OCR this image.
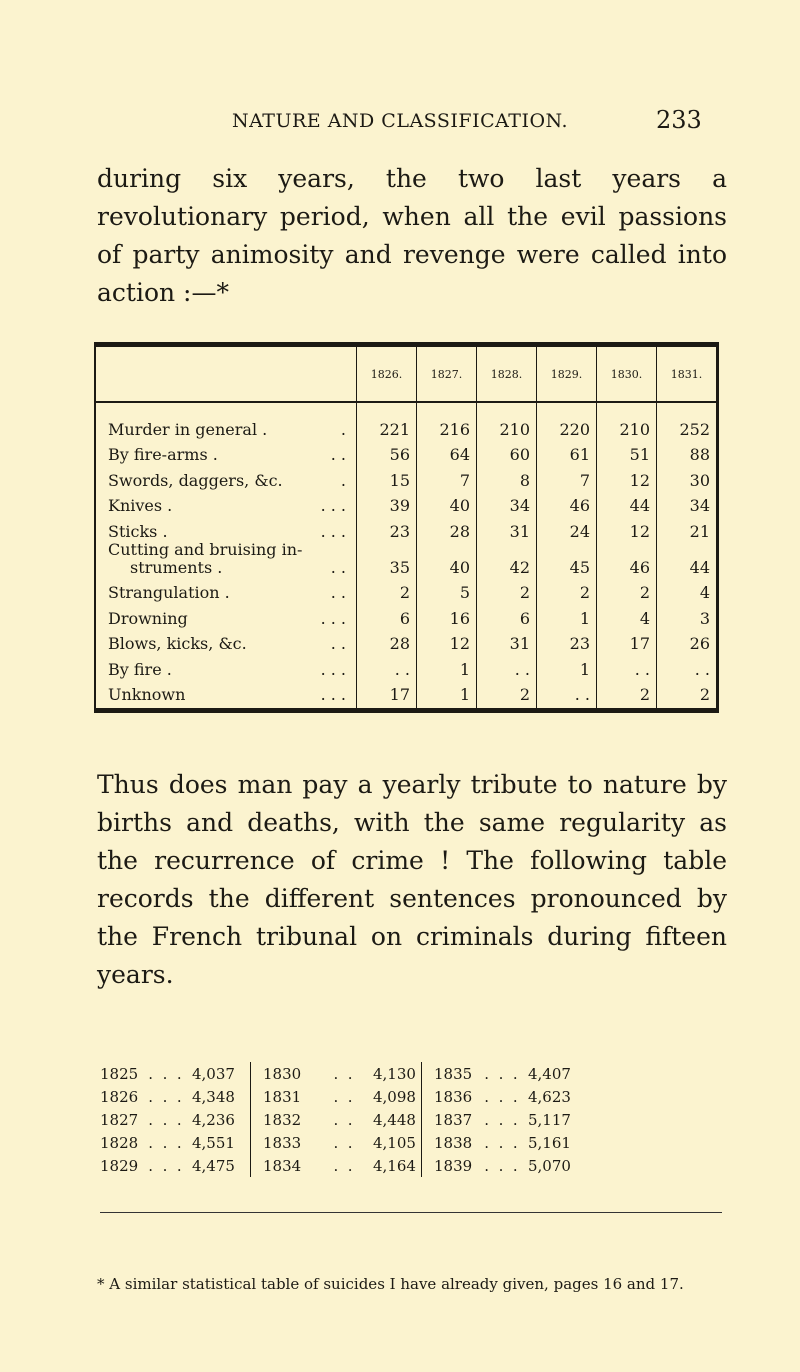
NATURE AND CLASSIFICATION.	233
during six years, the two last years a revolutionary period, when all the evil passions of party animosity and revenge were called into action :—*
	1826.	1827.	1828.	1829.	1830.	1831.
Murder in general . .	221	216	210	220	210	252
By fire-arms . . .	56	64	60	61	51	88
Swords, daggers, &c. .	15	7	8	7	12	30
Knives . . . .	39	40	34	46	44	34
Sticks . . . .	23	28	31	24	12	21

Cutting and bruising in-
struments . . .	35	40	42	45	46	44
Strangulation . . .	2	5	2	2	2	4
Drowning . . .	6	16	6	1	4	3
Blows, kicks, &c. . .	28	12	31	23	17	26
By fire . . . .	. .	1	. .	1	. .	. .
Unknown . . .	17	1	2	. .	2	2
Thus does man pay a yearly tribute to nature by births and deaths, with the same regularity as the recurrence of crime ! The following table records the different sentences pronounced by the French tribunal on criminals during fifteen years.
1825 .  .  . 4,037		1830 .  . 4,130		1835 .  .  . 4,407
1826 .  .  . 4,348		1831 .  . 4,098		1836 .  .  . 4,623
1827 .  .  . 4,236		1832 .  . 4,448		1837 .  .  . 5,117
1828 .  .  . 4,551		1833 .  . 4,105		1838 .  .  . 5,161
1829 .  .  . 4,475		1834 .  . 4,164		1839 .  .  . 5,070
* A similar statistical table of suicides I have already given, pages 16 and 17.
